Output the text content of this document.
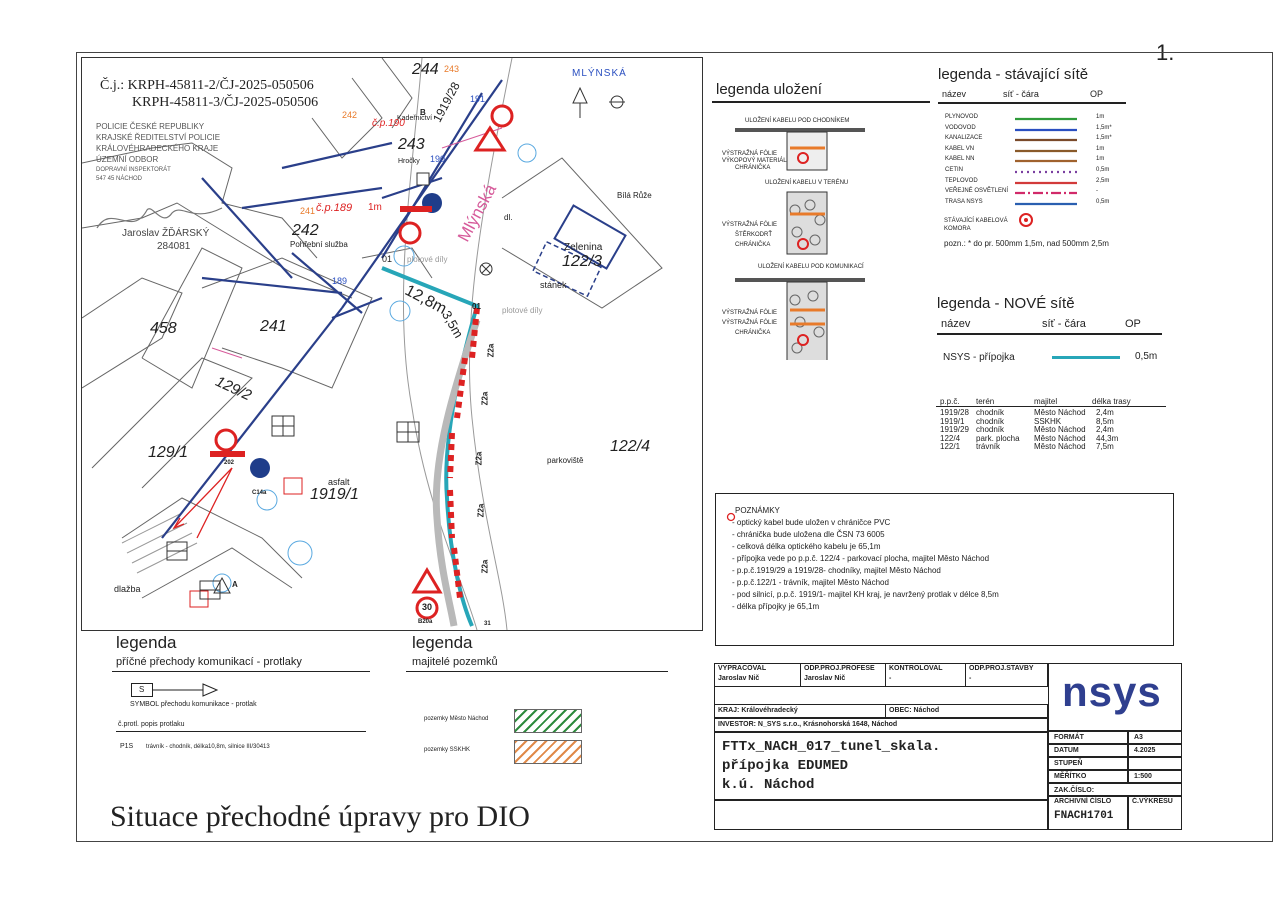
1.
Č.j.: KRPH-45811-2/ČJ-2025-050506
KRPH-45811-3/ČJ-2025-050506
POLICIE ČESKÉ REPUBLIKY
KRAJSKÉ ŘEDITELSTVÍ POLICIE
KRÁLOVÉHRADECKÉHO KRAJE
ÚZEMNÍ ODBOR
DOPRAVNÍ INSPEKTORÁT
547 45 NÁCHOD
Jaroslav ŽĎÁRSKÝ
284081
244 243
242	Kadeřnictví
243
Hročky
191
190
189
1919/28
241 č.p.189
č.p.190
1m
242
Pohřební služba	Mlýnská
MLÝNSKÁ
Bílá Růže
dl.
Zelenina
122/3
stánek
plotové díly
plotové díly
01
12,8m
3,5m
01
458	241
129/2
129/1
1919/1
asfalt
dlažba
122/4
parkoviště
202
C14a
B20a
30
31
Z2a
Z2a
Z2a
Z2a
Z2a
B
A
legenda uložení
ULOŽENÍ KABELU POD CHODNÍKEM
VÝSTRAŽNÁ FÓLIE
VÝKOPOVÝ MATERIÁL
CHRÁNIČKA
ULOŽENÍ KABELU V TERÉNU
VÝSTRAŽNÁ FÓLIE
ŠTĚRKODRŤ
CHRÁNIČKA
ULOŽENÍ KABELU POD KOMUNIKACÍ
VÝSTRAŽNÁ FÓLIE
VÝSTRAŽNÁ FÓLIE
CHRÁNIČKA
legenda - stávající sítě
název	síť - čára	OP
PLYNOVOD	1m
VODOVOD	1,5m*
KANALIZACE	1,5m*
KABEL VN	1m
KABEL NN	1m
CETIN	0,5m
TEPLOVOD	2,5m
VEŘEJNÉ OSVĚTLENÍ	-
TRASA NSYS	0,5m
STÁVAJÍCÍ KABELOVÁ KOMORA
pozn.: * do pr. 500mm 1,5m, nad 500mm 2,5m
legenda - NOVÉ sítě
název	síť - čára	OP
NSYS - přípojka	0,5m
p.p.č. terén	majitel	délka trasy
1919/28 chodník	Město Náchod 2,4m
1919/1 chodník	SSKHK	8,5m
1919/29 chodník	Město Náchod 2,4m
122/4 park. plocha Město Náchod 44,3m
122/1 trávník	Město Náchod 7,5m
POZNÁMKY
- optický kabel bude uložen v chráničce PVC
- chránička bude uložena dle ČSN 73 6005
- celková délka optického kabelu je 65,1m
- přípojka vede po p.p.č. 122/4 - parkovací plocha, majitel Město Náchod
- p.p.č.1919/29 a 1919/28- chodníky, majitel Město Náchod
- p.p.č.122/1 - trávník, majitel Město Náchod
- pod silnicí, p.p.č. 1919/1- majitel KH kraj, je navržený protlak v délce 8,5m
- délka přípojky je 65,1m
legenda
příčné přechody komunikací - protlaky
S
SYMBOL přechodu komunikace - protlak
č.protl. popis protlaku
P1S trávník - chodník, délka10,8m, silnice III/30413
legenda
majitelé pozemků
pozemky Město Náchod
pozemky SSKHK
Situace přechodné úpravy pro DIO
VYPRACOVAL
Jaroslav Nič
ODP.PROJ.PROFESE
Jaroslav Nič
KONTROLOVAL
-
ODP.PROJ.STAVBY
-
KRAJ: Královéhradecký	OBEC: Náchod
INVESTOR: N_SYS s.r.o., Krásnohorská 1648, Náchod
FTTx_NACH_017_tunel_skala.
přípojka EDUMED
k.ú. Náchod
nsys
FORMÁT	A3
DATUM	4.2025
STUPEŇ
MĚŘÍTKO	1:500
ZAK.ČÍSLO:
ARCHIVNÍ ČÍSLO
FNACH1701
Č.VÝKRESU
